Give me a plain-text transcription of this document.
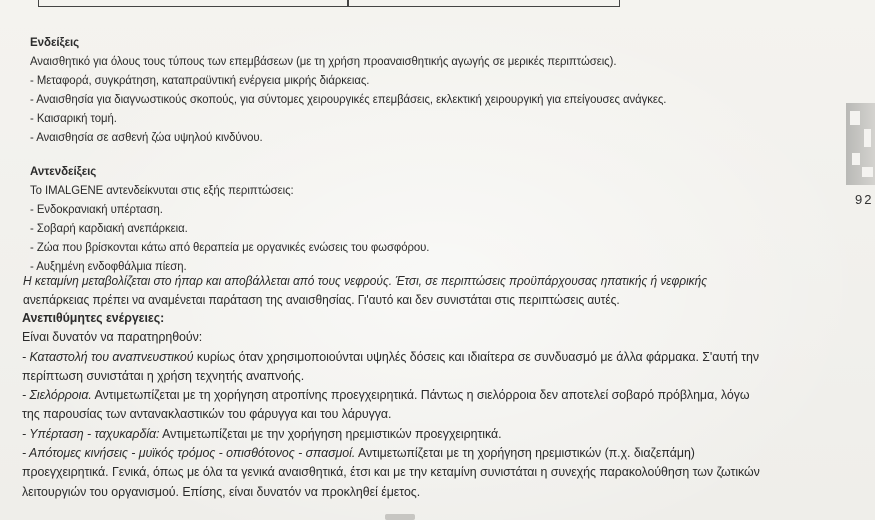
Ενδείξεις
Αναισθητικό για όλους τους τύπους των επεμβάσεων (με τη χρήση προαναισθητικής αγωγής σε μερικές περιπτώσεις).
- Μεταφορά, συγκράτηση, καταπραϋντική ενέργεια μικρής διάρκειας.
- Αναισθησία για διαγνωστικούς σκοπούς, για σύντομες χειρουργικές επεμβάσεις, εκλεκτική χειρουργική για επείγουσες ανάγκες.
- Καισαρική τομή.
- Αναισθησία σε ασθενή ζώα υψηλού κινδύνου.
Αντενδείξεις
Το IMALGENE αντενδείκνυται στις εξής περιπτώσεις:
- Ενδοκρανιακή υπέρταση.
- Σοβαρή καρδιακή ανεπάρκεια.
- Ζώα που βρίσκονται κάτω από θεραπεία με οργανικές ενώσεις του φωσφόρου.
- Αυξημένη ενδοφθάλμια πίεση.
Η κεταμίνη μεταβολίζεται στο ήπαρ και αποβάλλεται από τους νεφρούς. Έτσι, σε περιπτώσεις προϋπάρχουσας ηπατικής ή νεφρικής
ανεπάρκειας πρέπει να αναμένεται παράταση της αναισθησίας. Γι'αυτό και δεν συνιστάται στις περιπτώσεις αυτές.
Ανεπιθύμητες ενέργειες:
Είναι δυνατόν να παρατηρηθούν:
- Καταστολή του αναπνευστικού κυρίως όταν χρησιμοποιούνται υψηλές δόσεις και ιδιαίτερα σε συνδυασμό με άλλα φάρμακα. Σ'αυτή την
περίπτωση συνιστάται η χρήση τεχνητής αναπνοής.
- Σιελόρροια. Αντιμετωπίζεται με τη χορήγηση ατροπίνης προεγχειρητικά. Πάντως η σιελόρροια δεν αποτελεί σοβαρό πρόβλημα, λόγω
της παρουσίας των αντανακλαστικών του φάρυγγα και του λάρυγγα.
- Υπέρταση - ταχυκαρδία: Αντιμετωπίζεται με την χορήγηση ηρεμιστικών προεγχειρητικά.
- Απότομες κινήσεις - μυϊκός τρόμος - οπισθότονος - σπασμοί. Αντιμετωπίζεται με τη χορήγηση ηρεμιστικών (π.χ. διαζεπάμη)
προεγχειρητικά. Γενικά, όπως με όλα τα γενικά αναισθητικά, έτσι και με την κεταμίνη συνιστάται η συνεχής παρακολούθηση των ζωτικών
λειτουργιών του οργανισμού. Επίσης, είναι δυνατόν να προκληθεί έμετος.
92
